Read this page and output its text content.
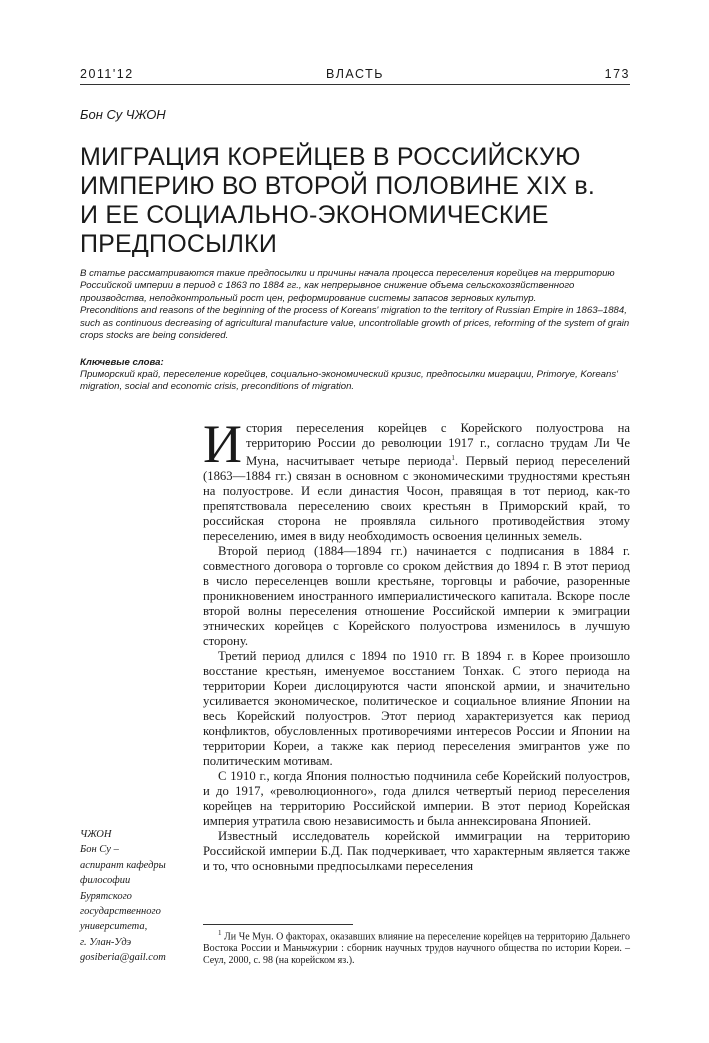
2011'12	ВЛАСТЬ	173
Бон Су ЧЖОН
МИГРАЦИЯ КОРЕЙЦЕВ В РОССИЙСКУЮ
ИМПЕРИЮ ВО ВТОРОЙ ПОЛОВИНЕ XIX в.
И ЕЕ СОЦИАЛЬНО-ЭКОНОМИЧЕСКИЕ
ПРЕДПОСЫЛКИ

В статье рассматриваются такие предпосылки и причины начала процесса переселения корейцев на территорию Российской империи в период с 1863 по 1884 гг., как непрерывное снижение объема сельскохозяйственного производства, неподконтрольный рост цен, реформирование системы запасов зерновых культур.

Preconditions and reasons of the beginning of the process of Koreans' migration to the territory of Russian Empire in 1863–1884, such as continuous decreasing of agricultural manufacture value, uncontrollable growth of prices, reforming of the system of grain crops stocks are being considered.

Ключевые слова:
Приморский край, переселение корейцев, социально-экономический кризис, предпосылки миграции, Primorye, Koreans' migration, social and economic crisis, preconditions of migration.

История переселения корейцев с Корейского полуострова на территорию России до революции 1917 г., согласно трудам Ли Че Муна, насчитывает четыре периода$^1$. Первый период переселений (1863—1884 гг.) связан в основном с экономическими трудностями крестьян на полуострове. И если династия Чосон, правящая в тот период, как-то препятствовала переселению своих крестьян в Приморский край, то российская сторона не проявляла сильного противодействия этому переселению, имея в виду необходимость освоения целинных земель.

Второй период (1884—1894 гг.) начинается с подписания в 1884 г. совместного договора о торговле со сроком действия до 1894 г. В этот период в число переселенцев вошли крестьяне, торговцы и рабочие, разоренные проникновением иностранного империалистического капитала. Вскоре после второй волны переселения отношение Российской империи к эмиграции этнических корейцев с Корейского полуострова изменилось в лучшую сторону.

Третий период длился с 1894 по 1910 гг. В 1894 г. в Корее произошло восстание крестьян, именуемое восстанием Тонхак. С этого периода на территории Кореи дислоцируются части японской армии, и значительно усиливается экономическое, политическое и социальное влияние Японии на весь Корейский полуостров. Этот период характеризуется как период конфликтов, обусловленных противоречиями интересов России и Японии на территории Кореи, а также как период переселения эмигрантов уже по политическим мотивам.

С 1910 г., когда Япония полностью подчинила себе Корейский полуостров, и до 1917, «революционного», года длился четвертый период переселения корейцев на территорию Российской империи. В этот период Корейская империя утратила свою независимость и была аннексирована Японией.

Известный исследователь корейской иммиграции на территорию Российской империи Б.Д. Пак подчеркивает, что характерным является также и то, что основными предпосылками переселения

ЧЖОН
Бон Су –
аспирант кафедры
философии
Бурятского
государственного
университета,
г. Улан-Удэ
gosiberia@gail.com

$^1$ Ли Че Мун. О факторах, оказавших влияние на переселение корейцев на территорию Дальнего Востока России и Маньчжурии : сборник научных трудов научного общества по истории Кореи. – Сеул, 2000, с. 98 (на корейском яз.).
